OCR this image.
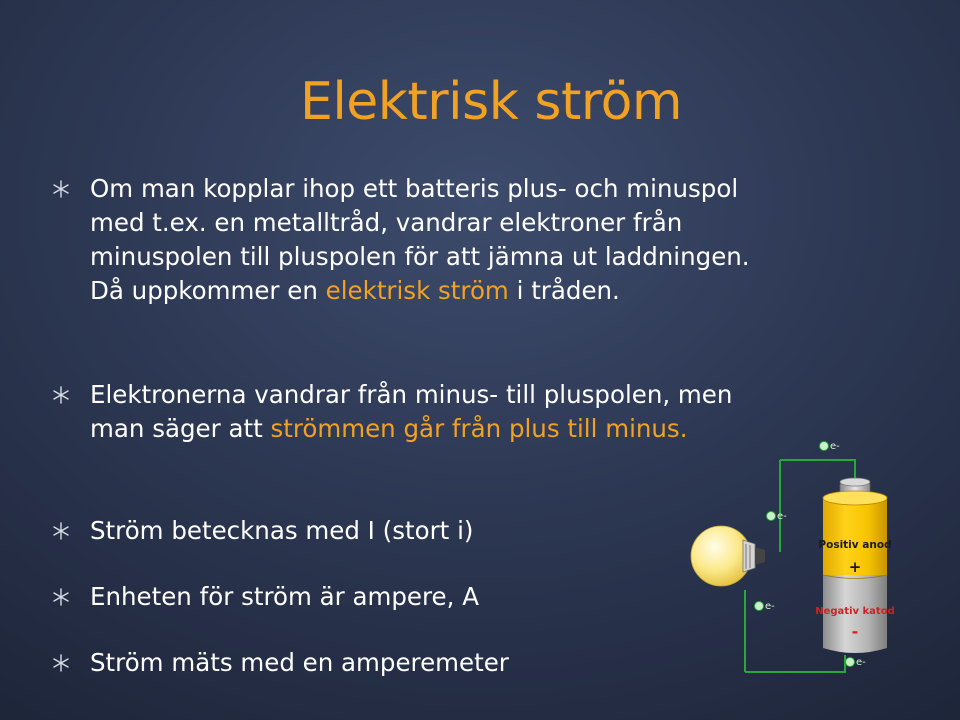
Elektrisk ström
Om man kopplar ihop ett batteris plus- och minuspol med t.ex. en metalltråd, vandrar elektroner från minuspolen till pluspolen för att jämna ut laddningen. Då uppkommer en elektrisk ström i tråden.
Elektronerna vandrar från minus- till pluspolen, men man säger att strömmen går från plus till minus.
Ström betecknas med I (stort i)
Enheten för ström är ampere, A
Ström mäts med en amperemeter
e-
e-
e-
e-
Positiv anod
+
Negativ katod
-
